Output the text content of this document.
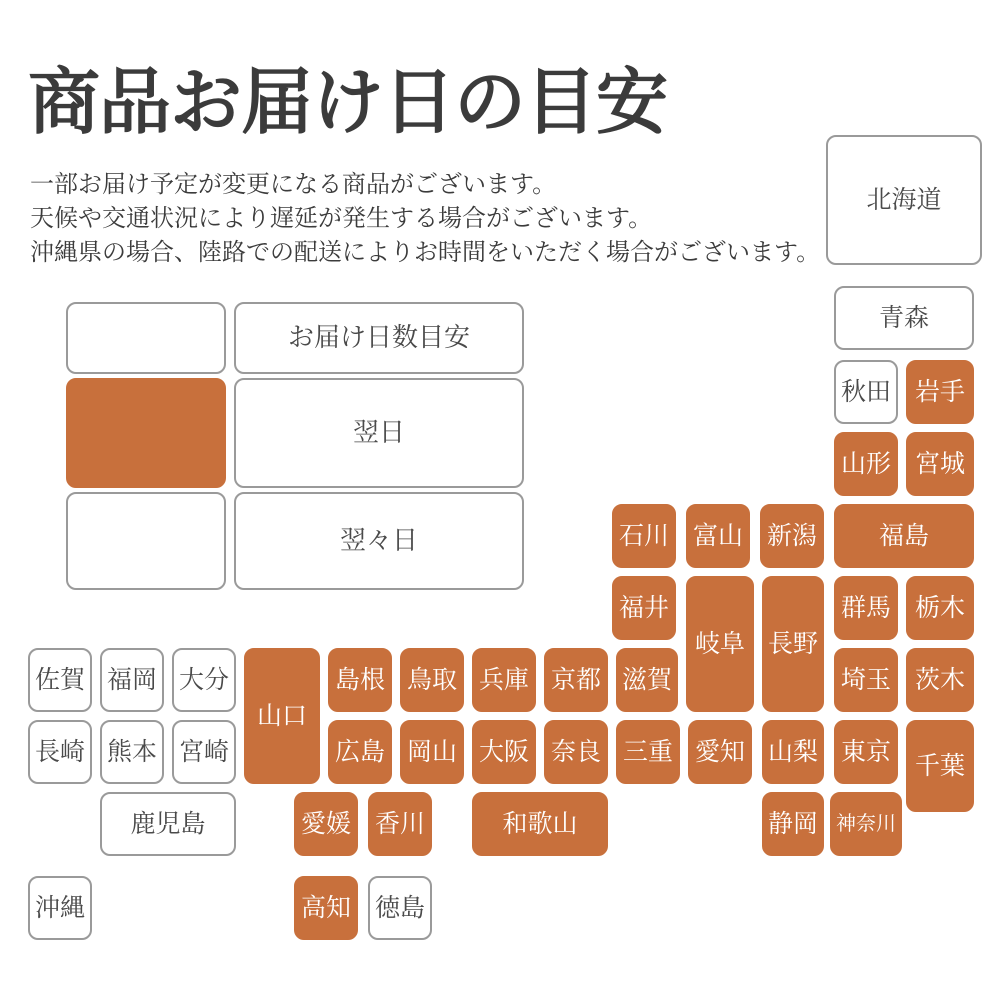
商品お届け日の目安
一部お届け予定が変更になる商品がございます。
天候や交通状況により遅延が発生する場合がございます。
沖縄県の場合、陸路での配送によりお時間をいただく場合がございます。
お届け日数目安
翌日
翌々日
北海道
青森
秋田 岩手
山形 宮城
福島
石川 富山 新潟
福井
岐阜 長野
群馬 栃木
佐賀 福岡 大分
山口
島根 鳥取 兵庫 京都 滋賀	埼玉 茨木
長崎 熊本 宮崎	広島 岡山 大阪 奈良 三重 愛知 山梨 東京 千葉
鹿児島	愛媛 香川	和歌山	静岡 神奈川
沖縄	高知 徳島
